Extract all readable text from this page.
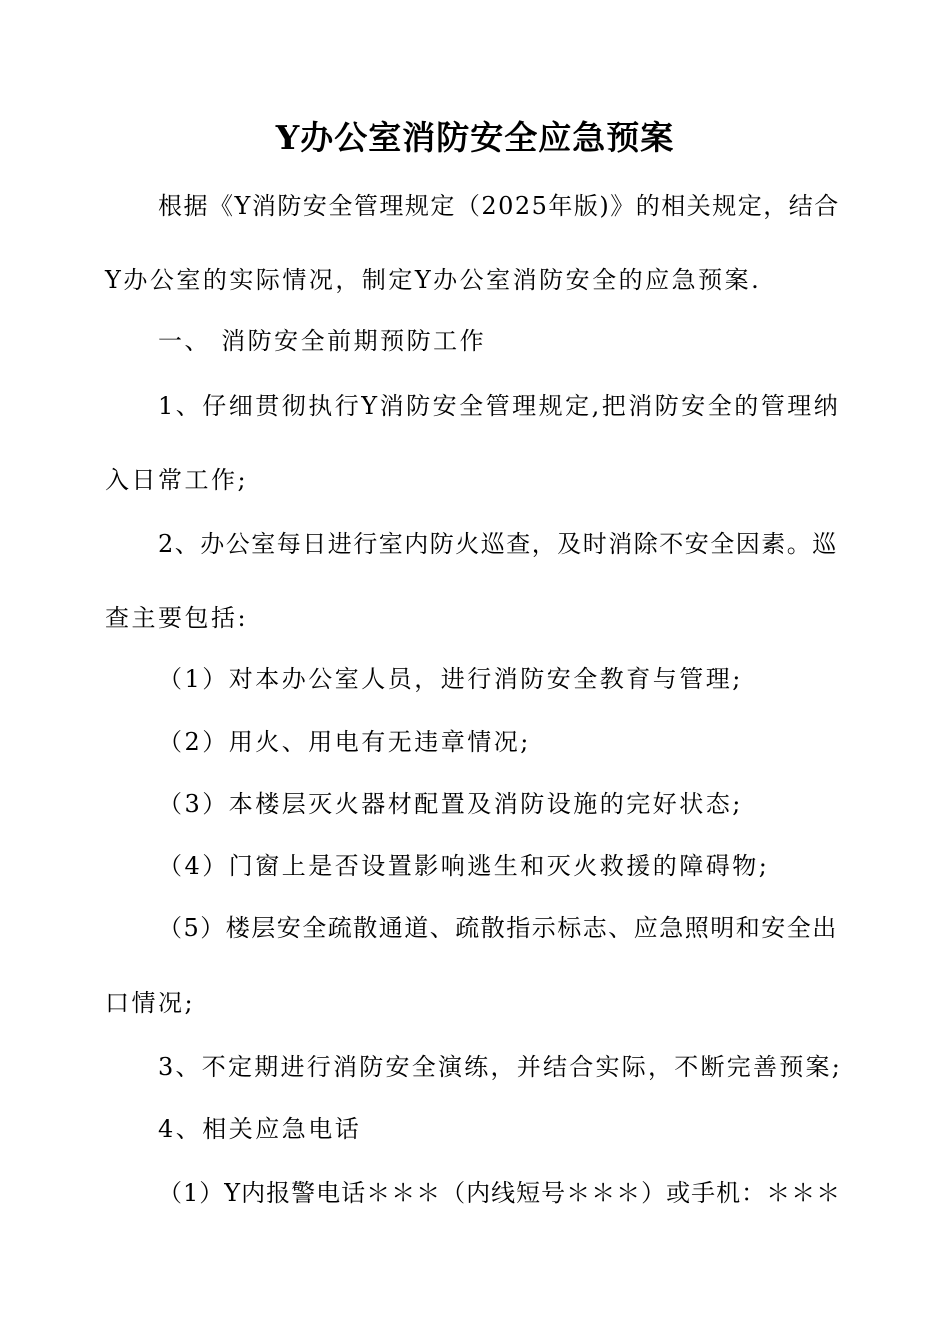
Y办公室消防安全应急预案
根据《Y消防安全管理规定（2025年版)》的相关规定，结合
Y办公室的实际情况，制定Y办公室消防安全的应急预案.
一、 消防安全前期预防工作
1、仔细贯彻执行Y消防安全管理规定,把消防安全的管理纳
入日常工作;
2、办公室每日进行室内防火巡查，及时消除不安全因素。巡
查主要包括:
（1）对本办公室人员，进行消防安全教育与管理;
（2）用火、用电有无违章情况;
（3）本楼层灭火器材配置及消防设施的完好状态;
（4）门窗上是否设置影响逃生和灭火救援的障碍物;
（5）楼层安全疏散通道、疏散指示标志、应急照明和安全出
口情况;
3、不定期进行消防安全演练，并结合实际，不断完善预案;
4、相关应急电话
（1）Y内报警电话＊＊＊（内线短号＊＊＊）或手机：＊＊＊
